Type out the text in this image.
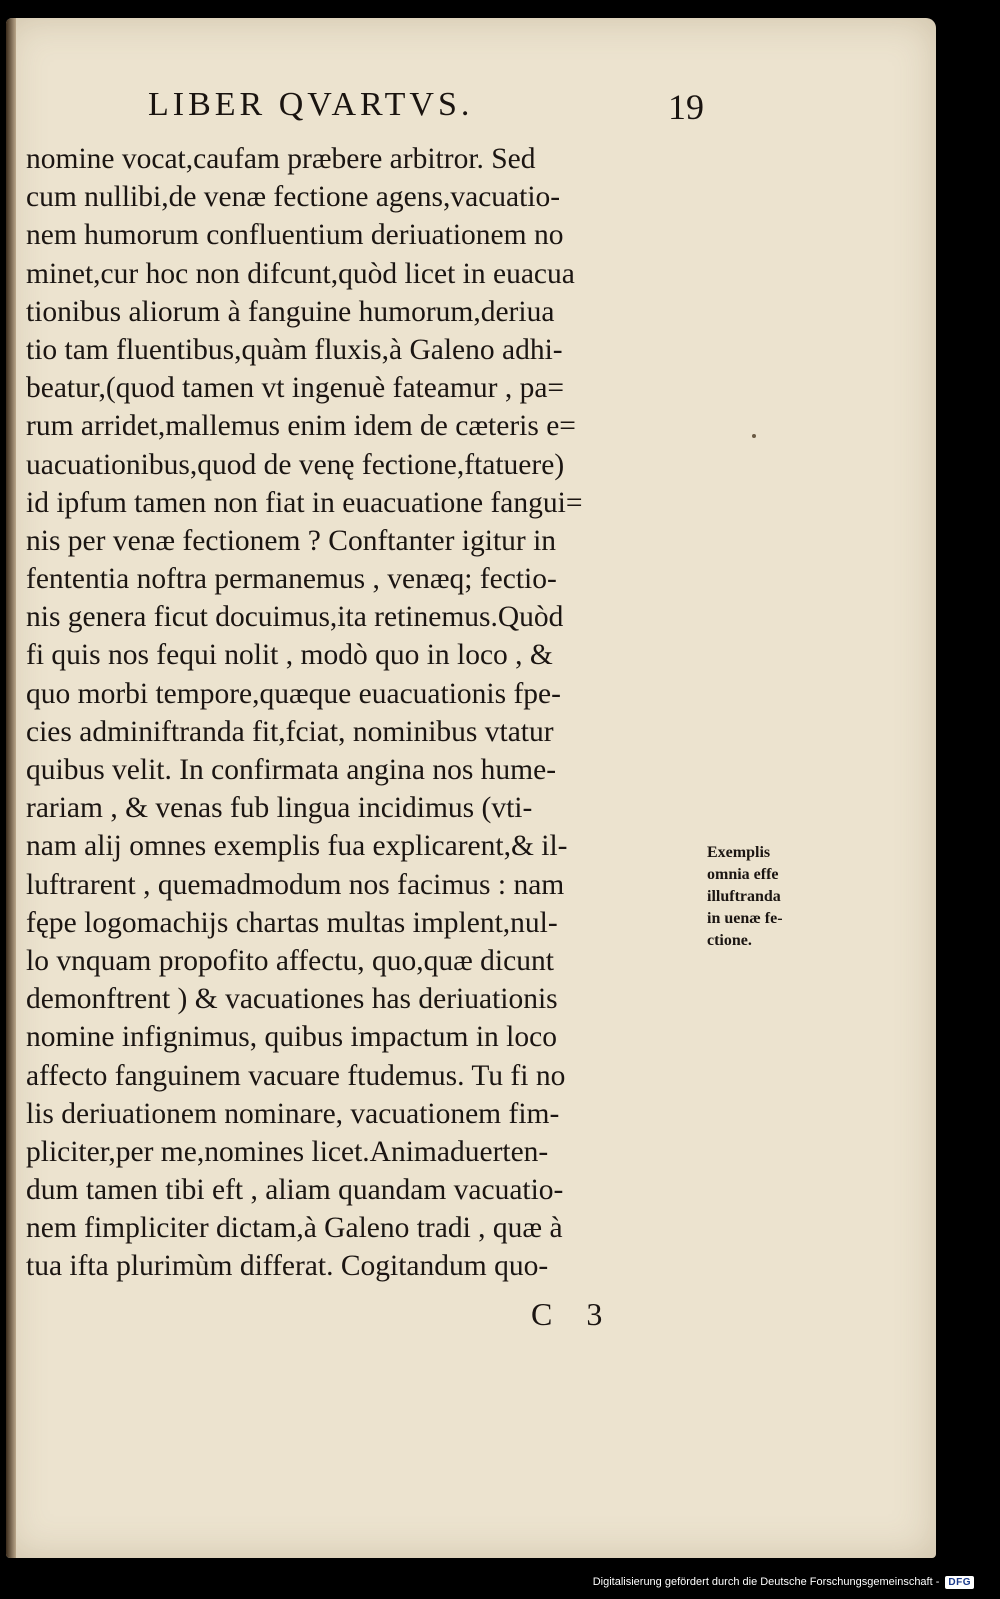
LIBER QVARTVS.	19
nomine vocat,caufam præbere arbitror. Sed
cum nullibi,de venæ fectione agens,vacuatio-
nem humorum confluentium deriuationem no
minet,cur hoc non difcunt,quòd licet in euacua
tionibus aliorum à fanguine humorum,deriua
tio tam fluentibus,quàm fluxis,à Galeno adhi-
beatur,(quod tamen vt ingenuè fateamur , pa=
rum arridet,mallemus enim idem de cæteris e=
uacuationibus,quod de venę fectione,ftatuere)
id ipfum tamen non fiat in euacuatione fangui=
nis per venæ fectionem ? Conftanter igitur in
fententia noftra permanemus , venæq; fectio-
nis genera ficut docuimus,ita retinemus.Quòd
fi quis nos fequi nolit , modò quo in loco , &
quo morbi tempore,quæque euacuationis fpe-
cies adminiftranda fit,fciat, nominibus vtatur
quibus velit. In confirmata angina nos hume-
rariam , & venas fub lingua incidimus (vti-
nam alij omnes exemplis fua explicarent,& il-
luftrarent , quemadmodum nos facimus : nam
fępe logomachijs chartas multas implent,nul-
lo vnquam propofito affectu, quo,quæ dicunt
demonftrent ) & vacuationes has deriuationis
nomine infignimus, quibus impactum in loco
affecto fanguinem vacuare ftudemus. Tu fi no
lis deriuationem nominare, vacuationem fim-
pliciter,per me,nomines licet.Animaduerten-
dum tamen tibi eft , aliam quandam vacuatio-
nem fimpliciter dictam,à Galeno tradi , quæ à
tua ifta plurimùm differat. Cogitandum quo-
Exemplis
omnia effe
illuftranda
in uenæ fe-
ctione.
C 3
Digitalisierung gefördert durch die Deutsche Forschungsgemeinschaft - DFG
